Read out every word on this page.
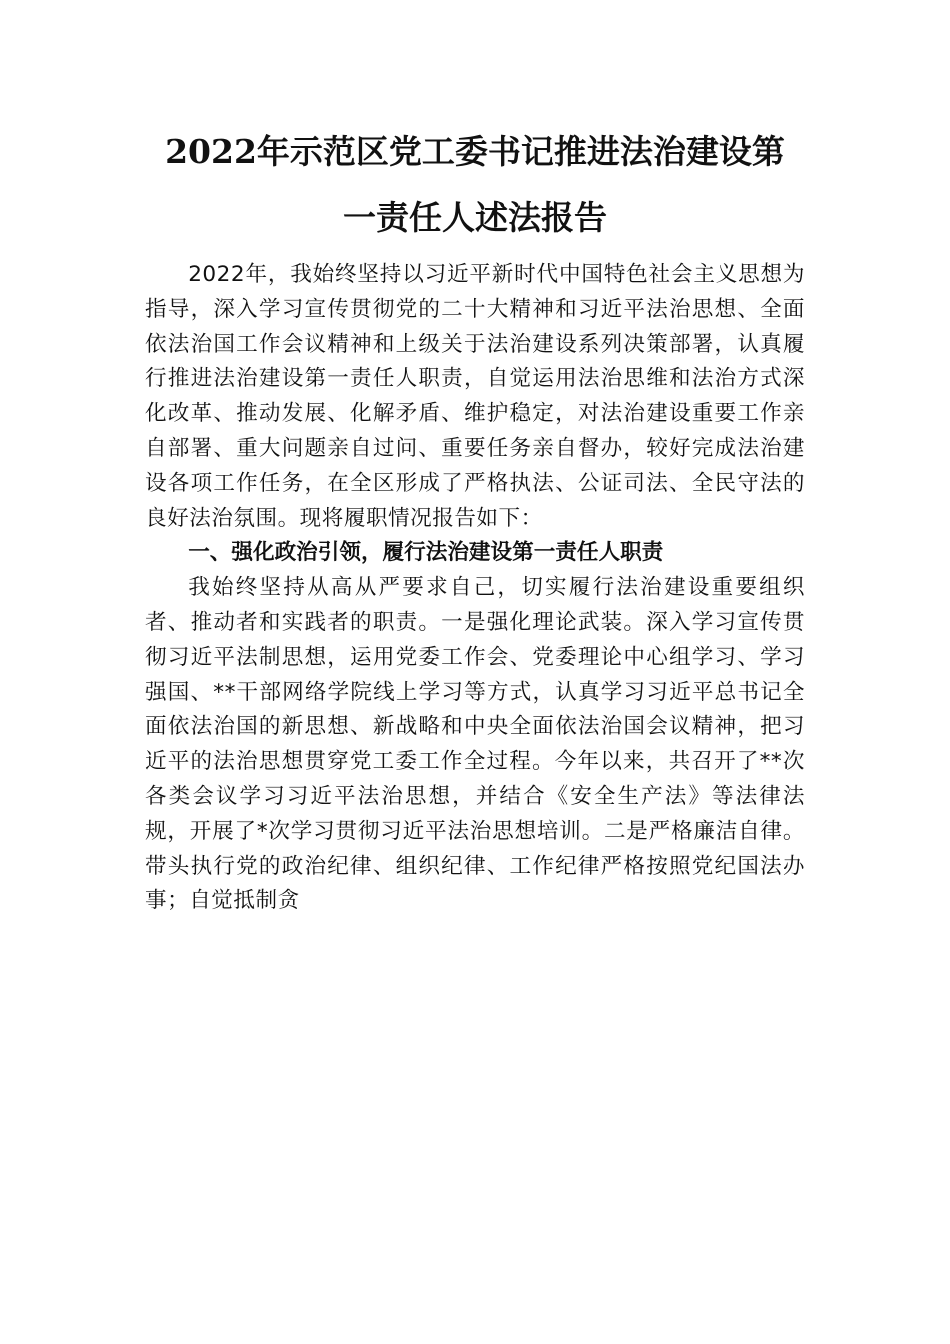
2022年示范区党工委书记推进法治建设第
一责任人述法报告

2022年，我始终坚持以习近平新时代中国特色社会主义思想为指导，深入学习宣传贯彻党的二十大精神和习近平法治思想、全面依法治国工作会议精神和上级关于法治建设系列决策部署，认真履行推进法治建设第一责任人职责，自觉运用法治思维和法治方式深化改革、推动发展、化解矛盾、维护稳定，对法治建设重要工作亲自部署、重大问题亲自过问、重要任务亲自督办，较好完成法治建设各项工作任务，在全区形成了严格执法、公证司法、全民守法的良好法治氛围。现将履职情况报告如下：

一、强化政治引领，履行法治建设第一责任人职责

我始终坚持从高从严要求自己，切实履行法治建设重要组织者、推动者和实践者的职责。一是强化理论武装。深入学习宣传贯彻习近平法制思想，运用党委工作会、党委理论中心组学习、学习强国、**干部网络学院线上学习等方式，认真学习习近平总书记全面依法治国的新思想、新战略和中央全面依法治国会议精神，把习近平的法治思想贯穿党工委工作全过程。今年以来，共召开了**次各类会议学习习近平法治思想，并结合《安全生产法》等法律法规，开展了*次学习贯彻习近平法治思想培训。二是严格廉洁自律。带头执行党的政治纪律、组织纪律、工作纪律严格按照党纪国法办事；自觉抵制贪
